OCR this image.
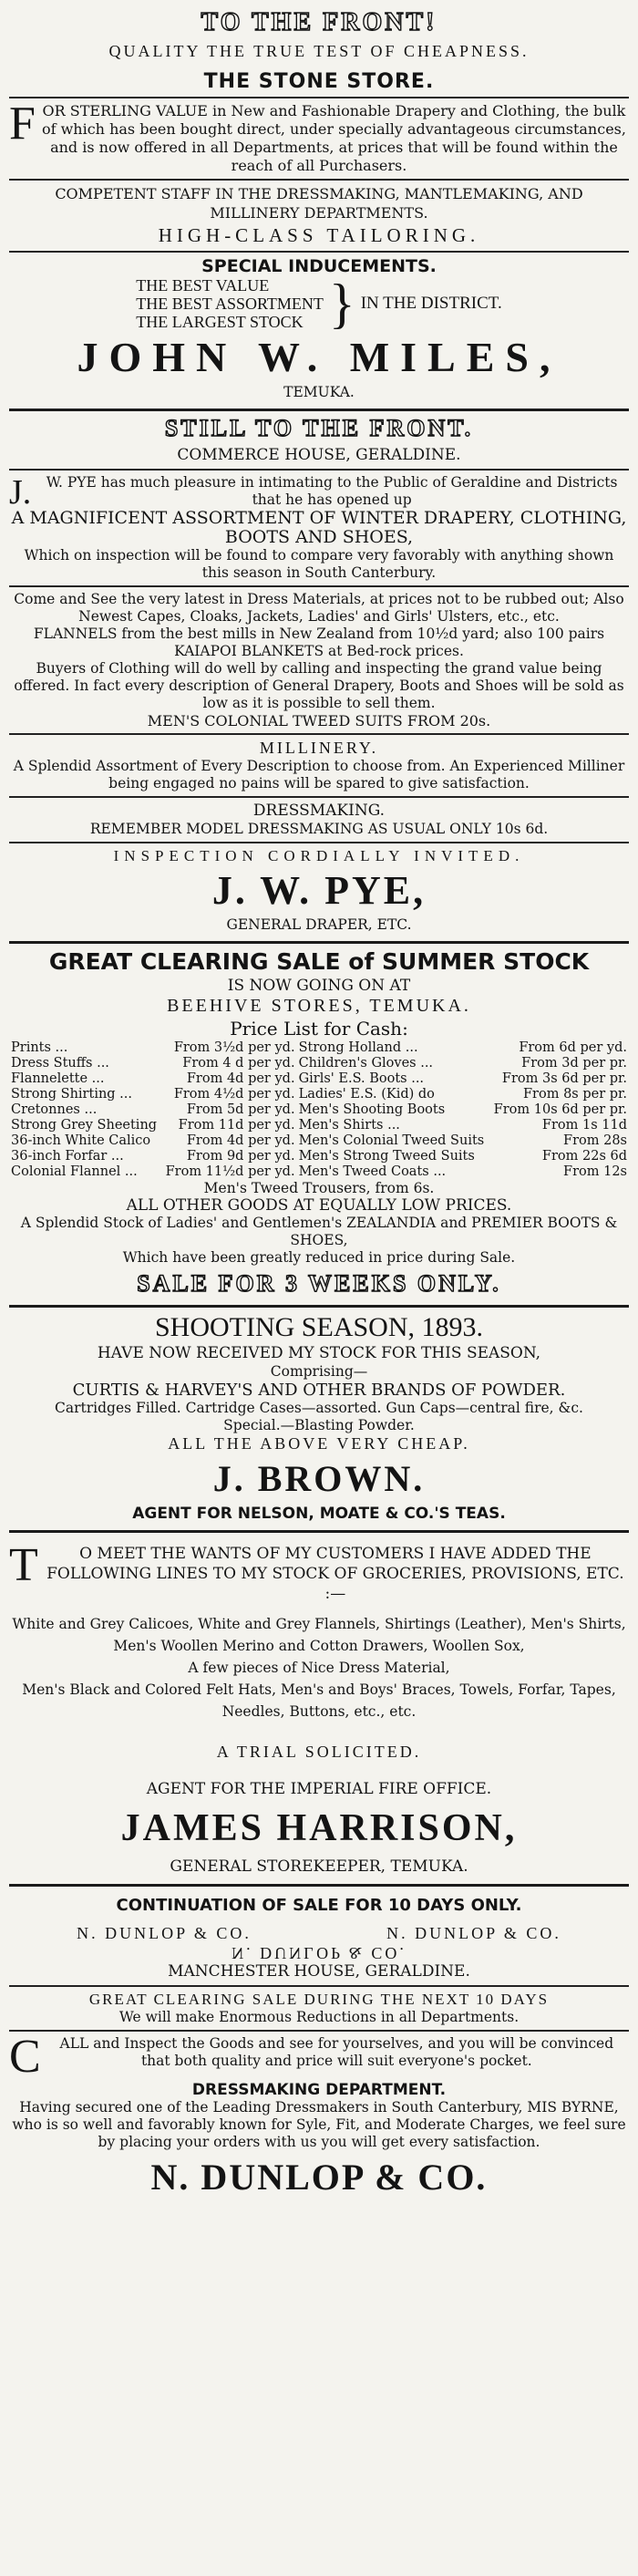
TO THE FRONT!
QUALITY THE TRUE TEST OF CHEAPNESS.
THE STONE STORE.
F OR STERLING VALUE in New and Fashionable Drapery and Clothing, the bulk of which has been bought direct, under specially advantageous circumstances, and is now offered in all Departments, at prices that will be found within the reach of all Purchasers.
COMPETENT STAFF IN THE DRESSMAKING, MANTLEMAKING, AND MILLINERY DEPARTMENTS.
HIGH-CLASS TAILORING.
SPECIAL INDUCEMENTS.
THE BEST VALUE
THE BEST ASSORTMENT
THE LARGEST STOCK } IN THE DISTRICT.
JOHN W. MILES,
TEMUKA.
STILL TO THE FRONT.
COMMERCE HOUSE, GERALDINE.
J.	W. PYE has much pleasure in intimating to the Public of Geraldine and Districts that he has opened up
A MAGNIFICENT ASSORTMENT OF WINTER DRAPERY, CLOTHING, BOOTS AND SHOES,
Which on inspection will be found to compare very favorably with anything shown this season in South Canterbury.
Come and See the very latest in Dress Materials, at prices not to be rubbed out; Also Newest Capes, Cloaks, Jackets, Ladies' and Girls' Ulsters, etc., etc.
FLANNELS from the best mills in New Zealand from 10½d yard; also 100 pairs
KAIAPOI BLANKETS at Bed-rock prices.
Buyers of Clothing will do well by calling and inspecting the grand value being offered. In fact every description of General Drapery, Boots and Shoes will be sold as low as it is possible to sell them.
MEN'S COLONIAL TWEED SUITS FROM 20s.
MILLINERY.
A Splendid Assortment of Every Description to choose from. An Experienced Milliner being engaged no pains will be spared to give satisfaction.
DRESSMAKING.
REMEMBER MODEL DRESSMAKING AS USUAL ONLY 10s 6d.
INSPECTION CORDIALLY INVITED.
J. W. PYE,
GENERAL DRAPER, ETC.
GREAT CLEARING SALE of SUMMER STOCK
IS NOW GOING ON AT
BEEHIVE STORES, TEMUKA.
Price List for Cash:
Prints ...	From 3½d per yd.	Strong Holland ...	From 6d per yd.
Dress Stuffs ...	From 4 d per yd.	Children's Gloves ...	From 3d per pr.
Flannelette ...	From 4d per yd.	Girls' E.S. Boots ...	From 3s 6d per pr.
Strong Shirting ...	From 4½d per yd.	Ladies' E.S. (Kid) do	From 8s per pr.
Cretonnes ...	From 5d per yd.	Men's Shooting Boots	From 10s 6d per pr.
Strong Grey Sheeting	From 11d per yd.	Men's Shirts ...	From 1s 11d
36-inch White Calico	From 4d per yd.	Men's Colonial Tweed Suits	From 28s
36-inch Forfar ...	From 9d per yd.	Men's Strong Tweed Suits	From 22s 6d
Colonial Flannel ...	From 11½d per yd.	Men's Tweed Coats ...	From 12s
Men's Tweed Trousers, from 6s.
ALL OTHER GOODS AT EQUALLY LOW PRICES.
A Splendid Stock of Ladies' and Gentlemen's ZEALANDIA and PREMIER BOOTS & SHOES,
Which have been greatly reduced in price during Sale.
SALE FOR 3 WEEKS ONLY.
SHOOTING SEASON, 1893.
HAVE NOW RECEIVED MY STOCK FOR THIS SEASON,
Comprising—
CURTIS & HARVEY'S AND OTHER BRANDS OF POWDER.
Cartridges Filled. Cartridge Cases—assorted. Gun Caps—central fire, &c.
Special.—Blasting Powder.
ALL THE ABOVE VERY CHEAP.
J. BROWN.
AGENT FOR NELSON, MOATE & CO.'S TEAS.
T	O MEET THE WANTS OF MY CUSTOMERS I HAVE ADDED THE FOLLOWING LINES TO MY STOCK OF GROCERIES, PROVISIONS, ETC. :—
White and Grey Calicoes, White and Grey Flannels, Shirtings (Leather), Men's Shirts, Men's Woollen Merino and Cotton Drawers, Woollen Sox,
A few pieces of Nice Dress Material,
Men's Black and Colored Felt Hats, Men's and Boys' Braces, Towels, Forfar, Tapes, Needles, Buttons, etc., etc.
A TRIAL SOLICITED.
AGENT FOR THE IMPERIAL FIRE OFFICE.
JAMES HARRISON,
GENERAL STOREKEEPER, TEMUKA.
CONTINUATION OF SALE FOR 10 DAYS ONLY.
N. DUNLOP & CO.	N. DUNLOP & CO.
N. DUNLOP & CO.
MANCHESTER HOUSE, GERALDINE.
GREAT CLEARING SALE DURING THE NEXT 10 DAYS
We will make Enormous Reductions in all Departments.
C	ALL and Inspect the Goods and see for yourselves, and you will be convinced that both quality and price will suit everyone's pocket.
DRESSMAKING DEPARTMENT.
Having secured one of the Leading Dressmakers in South Canterbury, MIS BYRNE, who is so well and favorably known for Syle, Fit, and Moderate Charges, we feel sure by placing your orders with us you will get every satisfaction.
N. DUNLOP & CO.
